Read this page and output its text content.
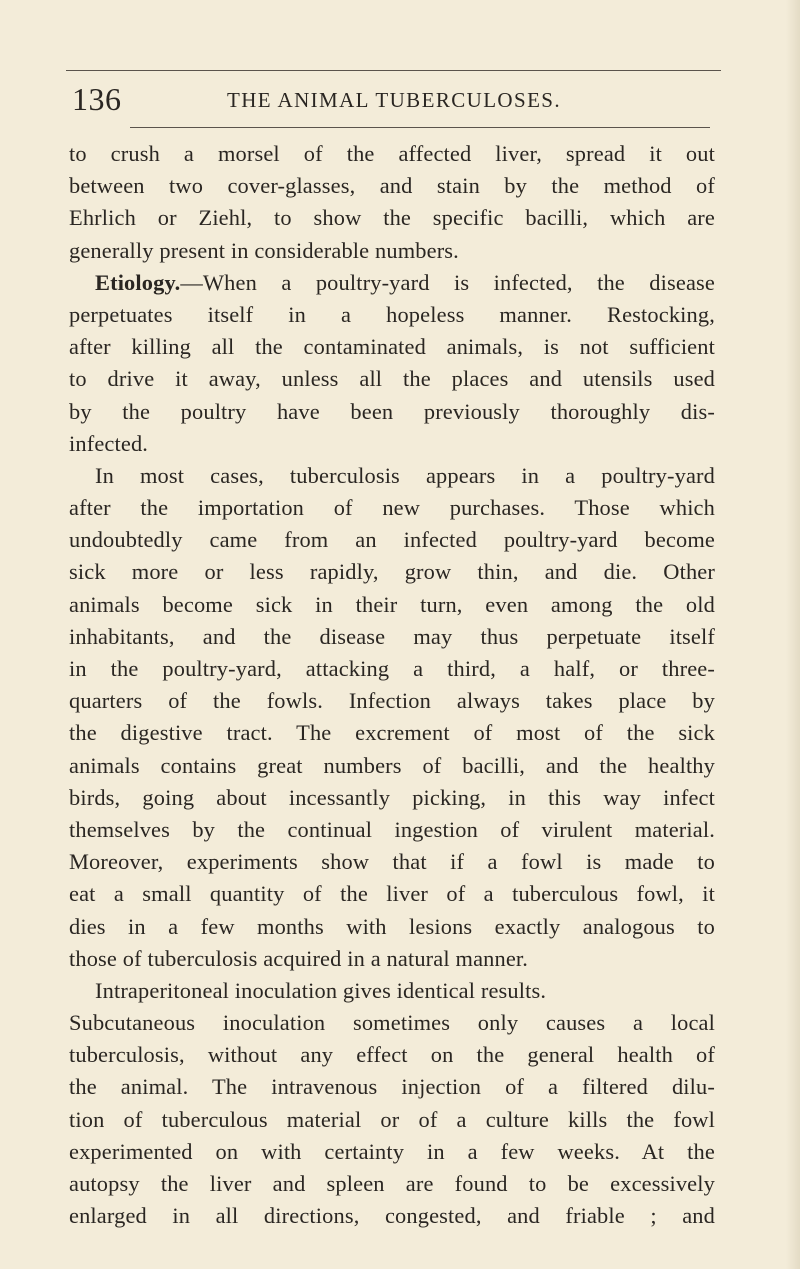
136	THE ANIMAL TUBERCULOSES.
to crush a morsel of the affected liver, spread it out
between two cover-glasses, and stain by the method of
Ehrlich or Ziehl, to show the specific bacilli, which are
generally present in considerable numbers.
Etiology.—When a poultry-yard is infected, the disease
perpetuates itself in a hopeless manner. Restocking,
after killing all the contaminated animals, is not sufficient
to drive it away, unless all the places and utensils used
by the poultry have been previously thoroughly dis-
infected.
In most cases, tuberculosis appears in a poultry-yard
after the importation of new purchases. Those which
undoubtedly came from an infected poultry-yard become
sick more or less rapidly, grow thin, and die. Other
animals become sick in their turn, even among the old
inhabitants, and the disease may thus perpetuate itself
in the poultry-yard, attacking a third, a half, or three-
quarters of the fowls. Infection always takes place by
the digestive tract. The excrement of most of the sick
animals contains great numbers of bacilli, and the healthy
birds, going about incessantly picking, in this way infect
themselves by the continual ingestion of virulent material.
Moreover, experiments show that if a fowl is made to
eat a small quantity of the liver of a tuberculous fowl, it
dies in a few months with lesions exactly analogous to
those of tuberculosis acquired in a natural manner.
Intraperitoneal inoculation gives identical results.
Subcutaneous inoculation sometimes only causes a local
tuberculosis, without any effect on the general health of
the animal. The intravenous injection of a filtered dilu-
tion of tuberculous material or of a culture kills the fowl
experimented on with certainty in a few weeks. At the
autopsy the liver and spleen are found to be excessively
enlarged in all directions, congested, and friable ; and
